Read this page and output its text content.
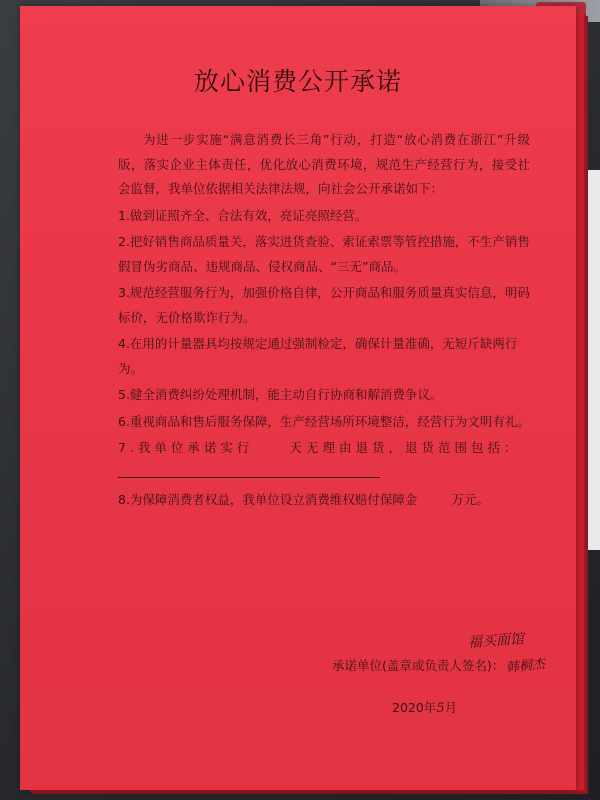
放心消费公开承诺

为进一步实施“满意消费长三角”行动，打造“放心消费在浙江”升级版，落实企业主体责任，优化放心消费环境，规范生产经营行为，接受社会监督，我单位依据相关法律法规，向社会公开承诺如下：

1.做到证照齐全、合法有效，亮证亮照经营。

2.把好销售商品质量关，落实进货查验、索证索票等管控措施，不生产销售假冒伪劣商品、违规商品、侵权商品、“三无”商品。

3.规范经营服务行为，加强价格自律，公开商品和服务质量真实信息，明码标价，无价格欺诈行为。

4.在用的计量器具均按规定通过强制检定，确保计量准确，无短斤缺两行为。

5.健全消费纠纷处理机制，能主动自行协商和解消费争议。

6.重视商品和售后服务保障，生产经营场所环境整洁，经营行为文明有礼。

7.我单位承诺实行	天无理由退货，退货范围包括：

8.为保障消费者权益，我单位设立消费维权赔付保障金	万元。

福买面馆
承诺单位(盖章或负责人签名)：韩桐杰
2020年5月
